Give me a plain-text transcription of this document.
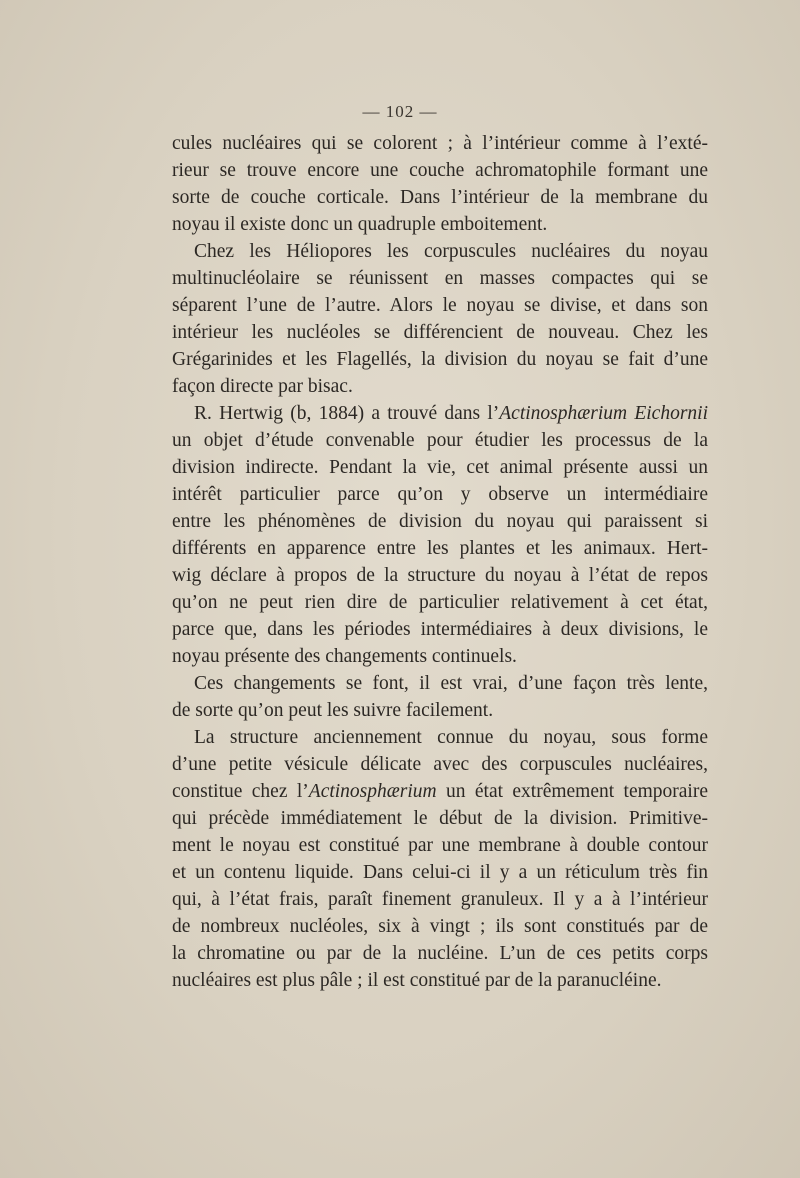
— 102 —
cules nucléaires qui se colorent ; à l’intérieur comme à l’exté-
rieur se trouve encore une couche achromatophile formant une
sorte de couche corticale. Dans l’intérieur de la membrane du
noyau il existe donc un quadruple emboitement.
Chez les Héliopores les corpuscules nucléaires du noyau
multinucléolaire se réunissent en masses compactes qui se
séparent l’une de l’autre. Alors le noyau se divise, et dans son
intérieur les nucléoles se différencient de nouveau. Chez les
Grégarinides et les Flagellés, la division du noyau se fait d’une
façon directe par bisac.
R. Hertwig (b, 1884) a trouvé dans l’Actinosphærium Eichornii
un objet d’étude convenable pour étudier les processus de la
division indirecte. Pendant la vie, cet animal présente aussi un
intérêt particulier parce qu’on y observe un intermédiaire
entre les phénomènes de division du noyau qui paraissent si
différents en apparence entre les plantes et les animaux. Hert-
wig déclare à propos de la structure du noyau à l’état de repos
qu’on ne peut rien dire de particulier relativement à cet état,
parce que, dans les périodes intermédiaires à deux divisions, le
noyau présente des changements continuels.
Ces changements se font, il est vrai, d’une façon très lente,
de sorte qu’on peut les suivre facilement.
La structure anciennement connue du noyau, sous forme
d’une petite vésicule délicate avec des corpuscules nucléaires,
constitue chez l’Actinosphærium un état extrêmement temporaire
qui précède immédiatement le début de la division. Primitive-
ment le noyau est constitué par une membrane à double contour
et un contenu liquide. Dans celui-ci il y a un réticulum très fin
qui, à l’état frais, paraît finement granuleux. Il y a à l’intérieur
de nombreux nucléoles, six à vingt ; ils sont constitués par de
la chromatine ou par de la nucléine. L’un de ces petits corps
nucléaires est plus pâle ; il est constitué par de la paranucléine.
